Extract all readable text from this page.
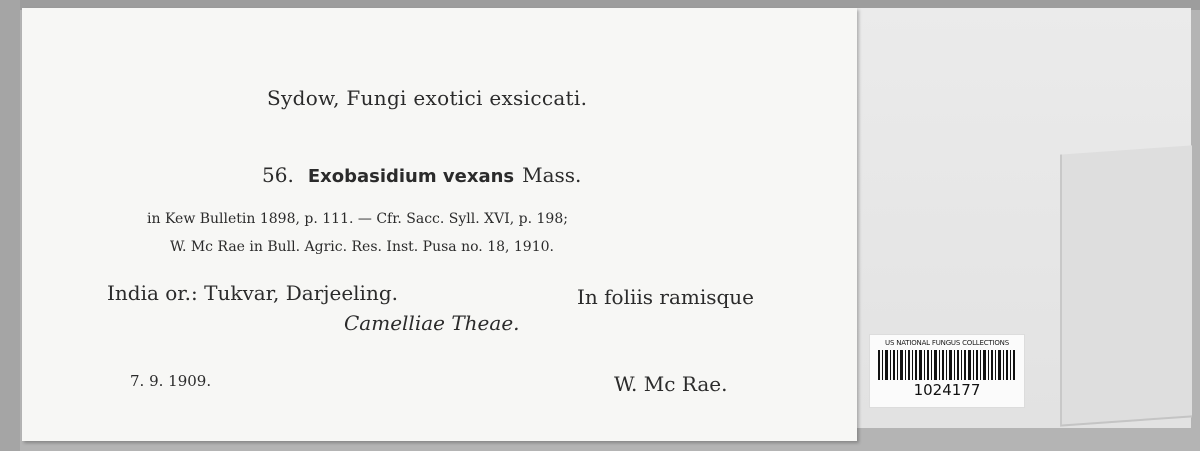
Sydow, Fungi exotici exsiccati.
56. Exobasidium vexans Mass.
in Kew Bulletin 1898, p. 111. — Cfr. Sacc. Syll. XVI, p. 198;
W. Mc Rae in Bull. Agric. Res. Inst. Pusa no. 18, 1910.
India or.: Tukvar, Darjeeling.	In foliis ramisque
Camelliae Theae.
7. 9. 1909.	W. Mc Rae.
US NATIONAL FUNGUS COLLECTIONS
1024177
